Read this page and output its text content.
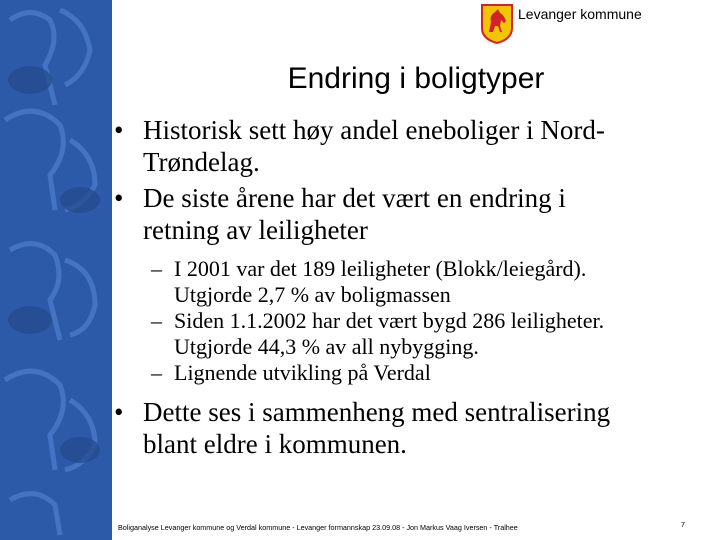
Levanger kommune
Endring i boligtyper
• Historisk sett høy andel eneboliger i Nord-
Trøndelag.
• De siste årene har det vært en endring i
retning av leiligheter
– I 2001 var det 189 leiligheter (Blokk/leiegård).
Utgjorde 2,7 % av boligmassen
– Siden 1.1.2002 har det vært bygd 286 leiligheter.
Utgjorde 44,3 % av all nybygging.
– Lignende utvikling på Verdal
• Dette ses i sammenheng med sentralisering
blant eldre i kommunen.
Boliganalyse Levanger kommune og Verdal kommune - Levanger formannskap 23.09.08 - Jon Markus Vaag Iversen - Tralhee	7
